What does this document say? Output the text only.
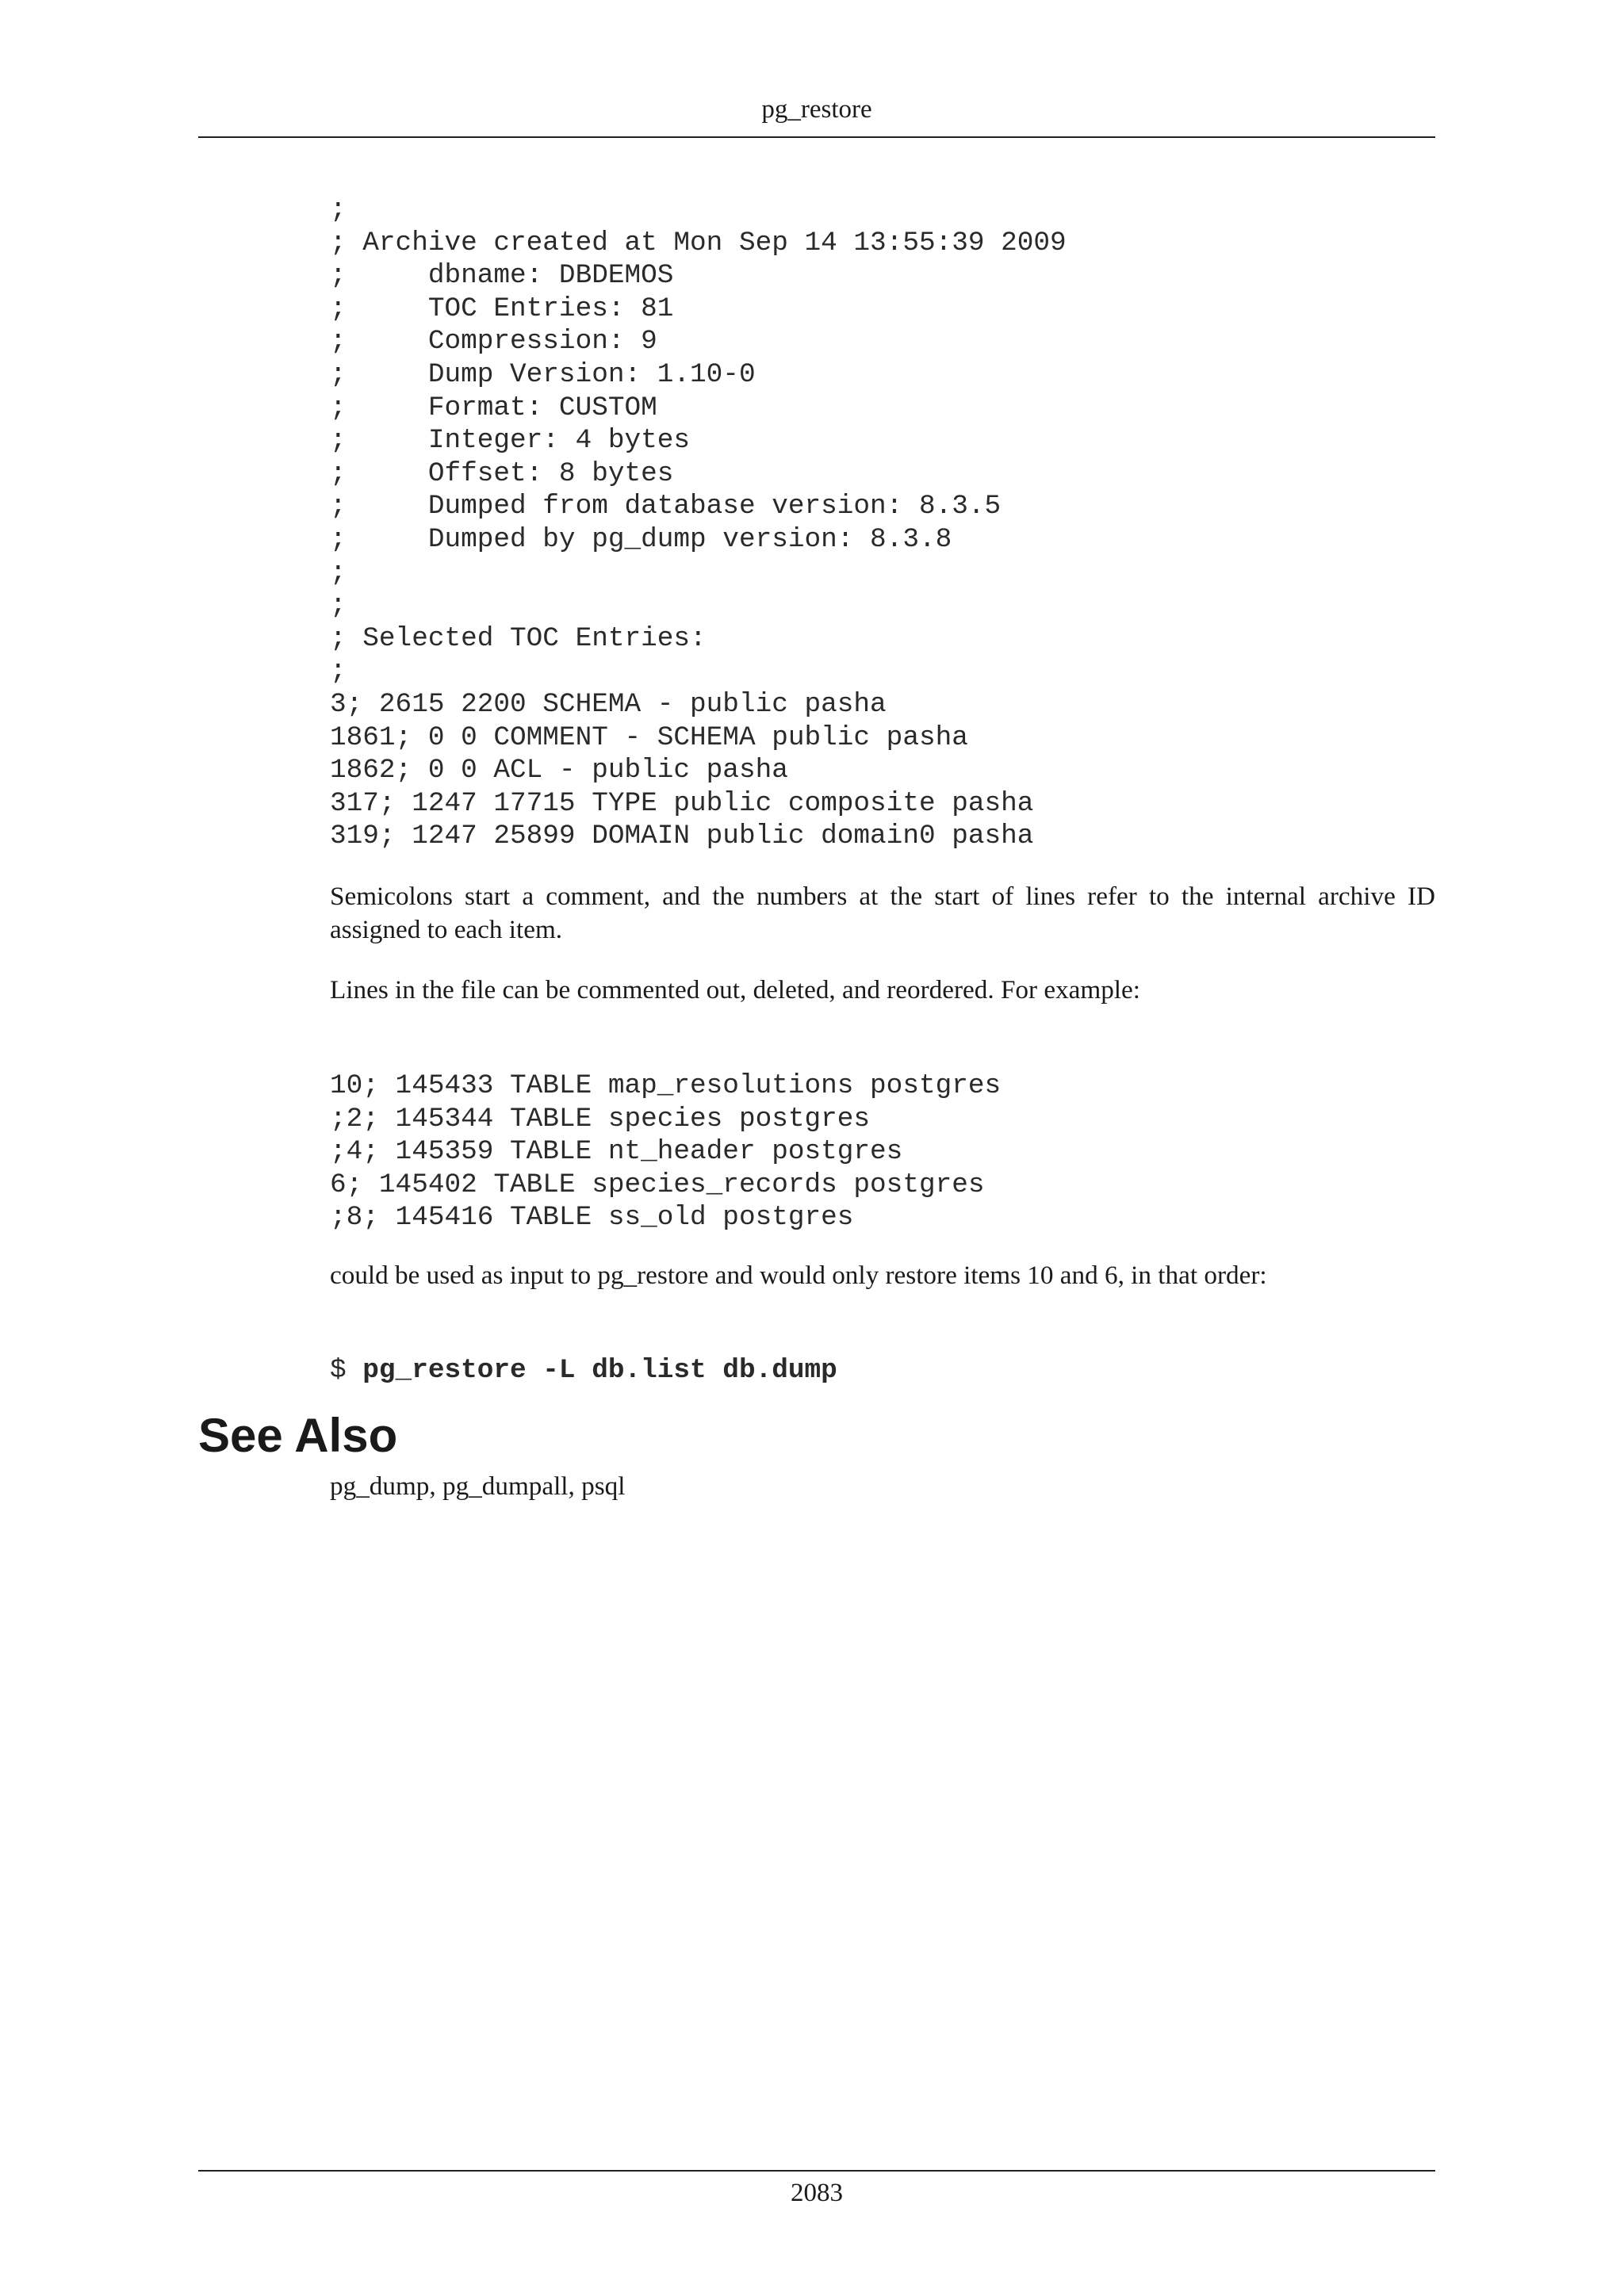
pg_restore
;
; Archive created at Mon Sep 14 13:55:39 2009
;     dbname: DBDEMOS
;     TOC Entries: 81
;     Compression: 9
;     Dump Version: 1.10-0
;     Format: CUSTOM
;     Integer: 4 bytes
;     Offset: 8 bytes
;     Dumped from database version: 8.3.5
;     Dumped by pg_dump version: 8.3.8
;
;
; Selected TOC Entries:
;
3; 2615 2200 SCHEMA - public pasha
1861; 0 0 COMMENT - SCHEMA public pasha
1862; 0 0 ACL - public pasha
317; 1247 17715 TYPE public composite pasha
319; 1247 25899 DOMAIN public domain0 pasha

Semicolons start a comment, and the numbers at the start of lines refer to the internal archive ID assigned to each item.

Lines in the file can be commented out, deleted, and reordered. For example:

10; 145433 TABLE map_resolutions postgres
;2; 145344 TABLE species postgres
;4; 145359 TABLE nt_header postgres
6; 145402 TABLE species_records postgres
;8; 145416 TABLE ss_old postgres

could be used as input to pg_restore and would only restore items 10 and 6, in that order:

$ pg_restore -L db.list db.dump
See Also

pg_dump, pg_dumpall, psql

2083
